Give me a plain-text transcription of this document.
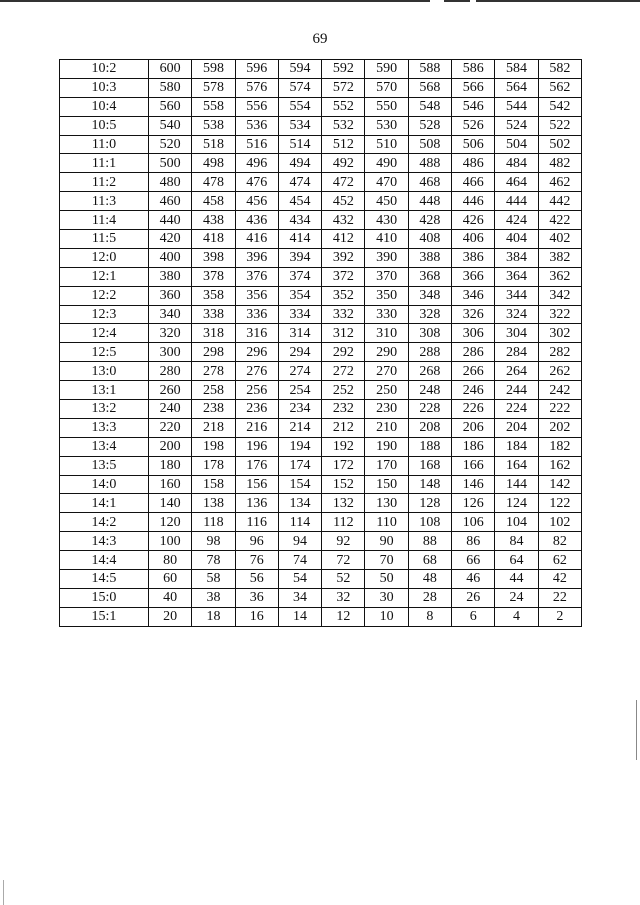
69
10:2	600	598	596	594	592	590	588	586	584	582
10:3	580	578	576	574	572	570	568	566	564	562
10:4	560	558	556	554	552	550	548	546	544	542
10:5	540	538	536	534	532	530	528	526	524	522
11:0	520	518	516	514	512	510	508	506	504	502
11:1	500	498	496	494	492	490	488	486	484	482
11:2	480	478	476	474	472	470	468	466	464	462
11:3	460	458	456	454	452	450	448	446	444	442
11:4	440	438	436	434	432	430	428	426	424	422
11:5	420	418	416	414	412	410	408	406	404	402
12:0	400	398	396	394	392	390	388	386	384	382
12:1	380	378	376	374	372	370	368	366	364	362
12:2	360	358	356	354	352	350	348	346	344	342
12:3	340	338	336	334	332	330	328	326	324	322
12:4	320	318	316	314	312	310	308	306	304	302
12:5	300	298	296	294	292	290	288	286	284	282
13:0	280	278	276	274	272	270	268	266	264	262
13:1	260	258	256	254	252	250	248	246	244	242
13:2	240	238	236	234	232	230	228	226	224	222
13:3	220	218	216	214	212	210	208	206	204	202
13:4	200	198	196	194	192	190	188	186	184	182
13:5	180	178	176	174	172	170	168	166	164	162
14:0	160	158	156	154	152	150	148	146	144	142
14:1	140	138	136	134	132	130	128	126	124	122
14:2	120	118	116	114	112	110	108	106	104	102
14:3	100	98	96	94	92	90	88	86	84	82
14:4	80	78	76	74	72	70	68	66	64	62
14:5	60	58	56	54	52	50	48	46	44	42
15:0	40	38	36	34	32	30	28	26	24	22
15:1	20	18	16	14	12	10	8	6	4	2
